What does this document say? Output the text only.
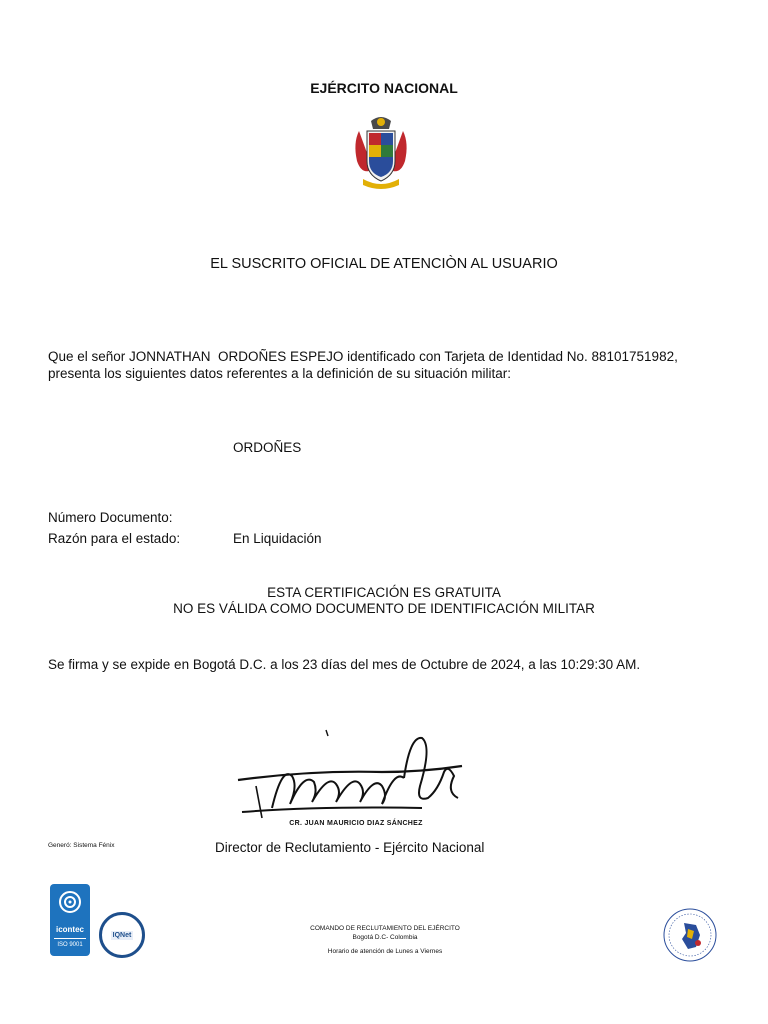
EJÉRCITO NACIONAL
EL SUSCRITO OFICIAL DE ATENCIÒN AL USUARIO
Que el señor JONNATHAN  ORDOÑES ESPEJO identificado con Tarjeta de Identidad No. 88101751982,
presenta los siguientes datos referentes a la definición de su situación militar:
ORDOÑES
Número Documento:
Razón para el estado:	En Liquidación
ESTA CERTIFICACIÓN ES GRATUITA
NO ES VÁLIDA COMO DOCUMENTO DE IDENTIFICACIÓN MILITAR
Se firma y se expide en Bogotá D.C. a los 23 días del mes de Octubre de 2024, a las 10:29:30 AM.
CR. JUAN MAURICIO DIAZ SÁNCHEZ
Generó: Sistema Fénix	Director de Reclutamiento - Ejército Nacional
icontec
ISO 9001
IQNet
COMANDO DE RECLUTAMIENTO DEL EJÉRCITO
Bogotá D.C- Colombia
Horario de atención de Lunes a Viernes
